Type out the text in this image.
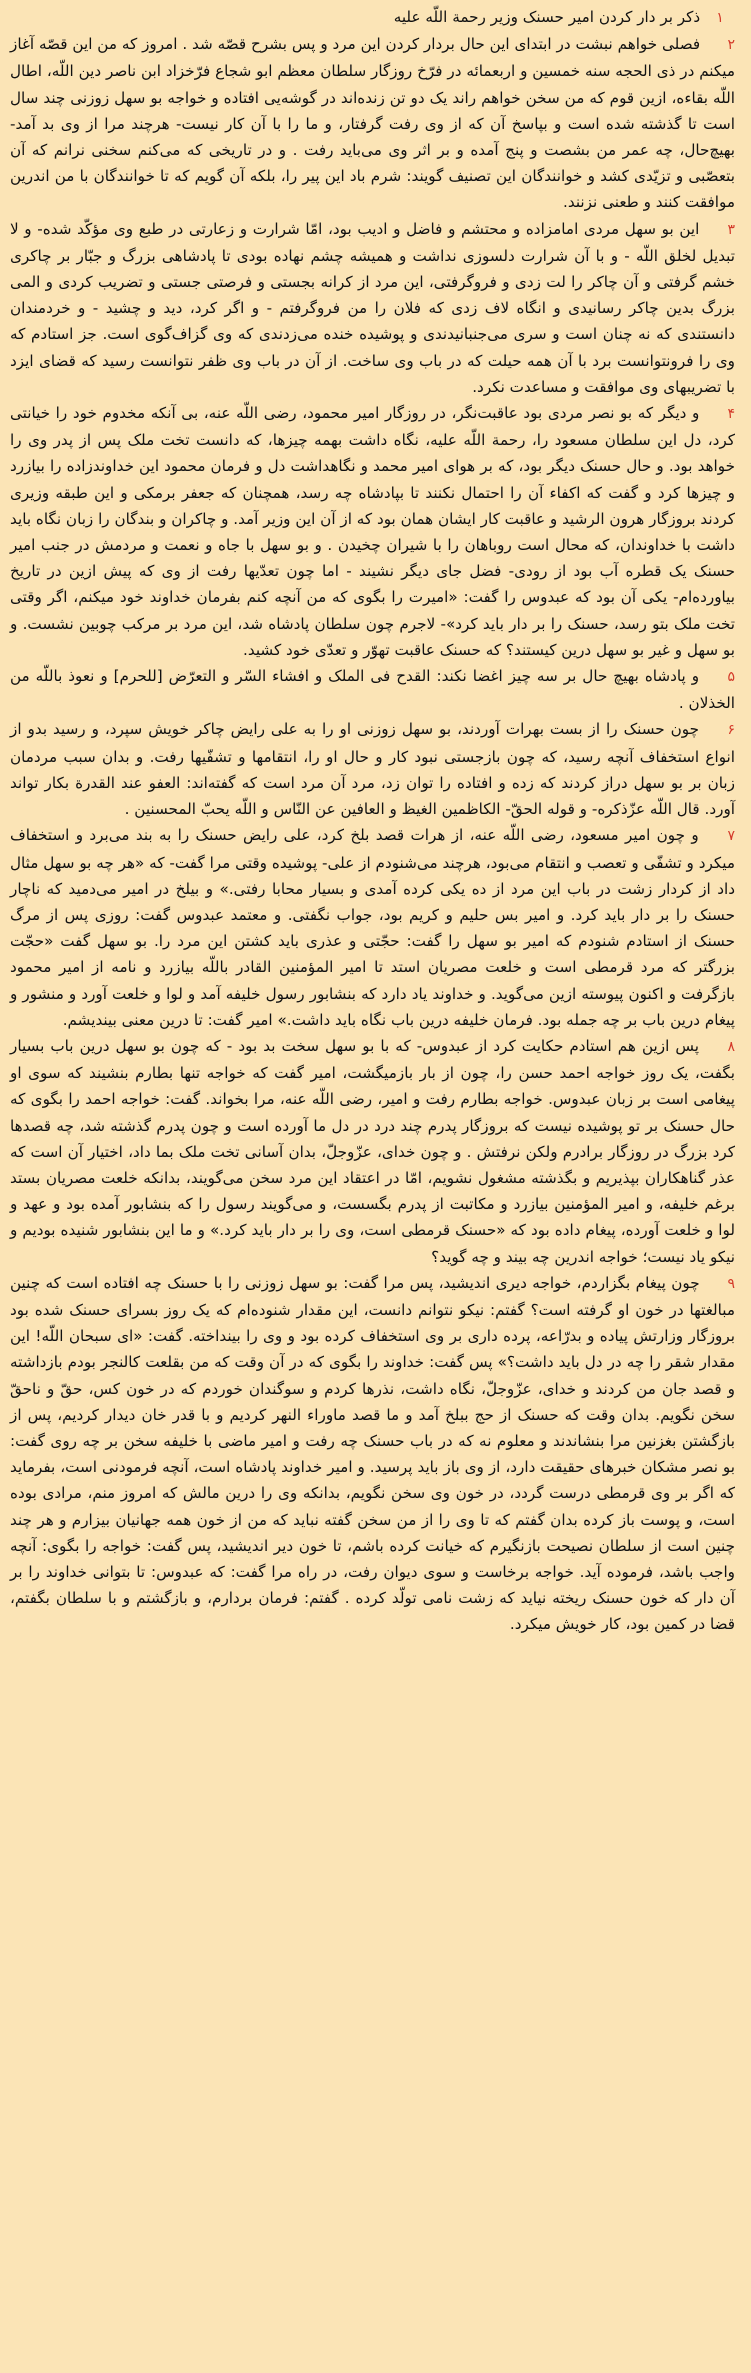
۱ ذکر بر دار کردن امیر حسنک وزیر رحمة اللّه علیه

۲ فصلی خواهم نبشت در ابتدای این حال بردار کردن این مرد و پس بشرح قصّه شد . امروز که من این قصّه آغاز میکنم در ذی الحجه سنه خمسین و اربعمائه در فرّخ روزگار سلطان معظم ابو شجاع فرّخزاد ابن ناصر دین اللّه، اطال اللّه بقاءه، ازین قوم که من سخن خواهم راند یک دو تن زنده‌اند در گوشه‌یی افتاده و خواجه بو سهل زوزنی چند سال است تا گذشته شده است و بپاسخ آن که از وی رفت گرفتار، و ما را با آن کار نیست- هرچند مرا از وی بد آمد- بهیچ‌حال، چه عمر من بشصت و پنج آمده و بر اثر وی می‌باید رفت . و در تاریخی که می‌کنم سخنی نرانم که آن بتعصّبی و تزیّدی کشد و خوانندگان این تصنیف گویند: شرم باد این پیر را، بلکه آن گویم که تا خوانندگان با من اندرین موافقت کنند و طعنی نزنند.

۳ این بو سهل مردی امامزاده و محتشم و فاضل و ادیب بود، امّا شرارت و زعارتی در طبع وی مؤکّد شده- و لا تبدیل لخلق اللّه - و با آن شرارت دلسوزی نداشت و همیشه چشم نهاده بودی تا پادشاهی بزرگ و جبّار بر چاکری خشم گرفتی و آن چاکر را لت زدی و فروگرفتی، این مرد از کرانه بجستی و فرصتی جستی و تضریب کردی و المی بزرگ بدین چاکر رسانیدی و انگاه لاف زدی که فلان را من فروگرفتم - و اگر کرد، دید و چشید - و خردمندان دانستندی که نه چنان است و سری می‌جنبانیدندی و پوشیده خنده می‌زدندی که وی گزاف‌گوی است. جز استادم که وی را فرونتوانست برد با آن همه حیلت که در باب وی ساخت. از آن در باب وی ظفر نتوانست رسید که قضای ایزد با تضریبهای وی موافقت و مساعدت نکرد.

۴ و دیگر که بو نصر مردی بود عاقبت‌نگر، در روزگار امیر محمود، رضی اللّه عنه، بی آنکه مخدوم خود را خیانتی کرد، دل این سلطان مسعود را، رحمة اللّه علیه، نگاه داشت بهمه چیزها، که دانست تخت ملک پس از پدر وی را خواهد بود. و حال حسنک دیگر بود، که بر هوای امیر محمد و نگاهداشت دل و فرمان محمود این خداوندزاده را بیازرد و چیزها کرد و گفت که اکفاء آن را احتمال نکنند تا بپادشاه چه رسد، همچنان که جعفر برمکی و این طبقه وزیری کردند بروزگار هرون الرشید و عاقبت کار ایشان همان بود که از آن این وزیر آمد. و چاکران و بندگان را زبان نگاه باید داشت با خداوندان، که محال است روباهان را با شیران چخیدن . و بو سهل با جاه و نعمت و مردمش در جنب امیر حسنک یک قطره آب بود از رودی- فضل جای دیگر نشیند - اما چون تعدّیها رفت از وی که پیش ازین در تاریخ بیاورده‌ام- یکی آن بود که عبدوس را گفت: «امیرت را بگوی که من آنچه کنم بفرمان خداوند خود میکنم، اگر وقتی تخت ملک بتو رسد، حسنک را بر دار باید کرد»- لاجرم چون سلطان پادشاه شد، این مرد بر مرکب چوبین نشست. و بو سهل و غیر بو سهل درین کیستند؟ که حسنک عاقبت تهوّر و تعدّی خود کشید.

۵ و پادشاه بهیچ حال بر سه چیز اغضا نکند: القدح فی الملک و افشاء السّر و التعرّض [للحرم] و نعوذ باللّه من الخذلان .

۶ چون حسنک را از بست بهرات آوردند، بو سهل زوزنی او را به علی رایض چاکر خویش سپرد، و رسید بدو از انواع استخفاف آنچه رسید، که چون بازجستی نبود کار و حال او را، انتقامها و تشفّیها رفت. و بدان سبب مردمان زبان بر بو سهل دراز کردند که زده و افتاده را توان زد، مرد آن مرد است که گفته‌اند: العفو عند القدرة بکار تواند آورد. قال اللّه عزّذکره- و قوله الحقّ- الکاظمین الغیظ و العافین عن النّاس و اللّه یحبّ المحسنین .

۷ و چون امیر مسعود، رضی اللّه عنه، از هرات قصد بلخ کرد، علی رایض حسنک را به بند می‌برد و استخفاف میکرد و تشفّی و تعصب و انتقام می‌بود، هرچند می‌شنودم از علی- پوشیده وقتی مرا گفت- که «هر چه بو سهل مثال داد از کردار زشت در باب این مرد از ده یکی کرده آمدی و بسیار محابا رفتی.» و بیلخ در امیر می‌دمید که ناچار حسنک را بر دار باید کرد. و امیر بس حلیم و کریم بود، جواب نگفتی. و معتمد عبدوس گفت: روزی پس از مرگ حسنک از استادم شنودم که امیر بو سهل را گفت: حجّتی و عذری باید کشتن این مرد را. بو سهل گفت «حجّت بزرگتر که مرد قرمطی است و خلعت مصریان استد تا امیر المؤمنین القادر باللّه بیازرد و نامه از امیر محمود بازگرفت و اکنون پیوسته ازین می‌گوید. و خداوند یاد دارد که بنشابور رسول خلیفه آمد و لوا و خلعت آورد و منشور و پیغام درین باب بر چه جمله بود. فرمان خلیفه درین باب نگاه باید داشت.» امیر گفت: تا درین معنی بیندیشم.

۸ پس ازین هم استادم حکایت کرد از عبدوس- که با بو سهل سخت بد بود - که چون بو سهل درین باب بسیار بگفت، یک روز خواجه احمد حسن را، چون از بار بازمیگشت، امیر گفت که خواجه تنها بطارم بنشیند که سوی او پیغامی است بر زبان عبدوس. خواجه بطارم رفت و امیر، رضی اللّه عنه، مرا بخواند. گفت: خواجه احمد را بگوی که حال حسنک بر تو پوشیده نیست که بروزگار پدرم چند درد در دل ما آورده است و چون پدرم گذشته شد، چه قصدها کرد بزرگ در روزگار برادرم ولکن نرفتش . و چون خدای، عزّوجلّ، بدان آسانی تخت ملک بما داد، اختیار آن است که عذر گناهکاران بپذیریم و بگذشته مشغول نشویم، امّا در اعتقاد این مرد سخن می‌گویند، بدانکه خلعت مصریان بستد برغم خلیفه، و امیر المؤمنین بیازرد و مکاتبت از پدرم بگسست، و می‌گویند رسول را که بنشابور آمده بود و عهد و لوا و خلعت آورده، پیغام داده بود که «حسنک قرمطی است، وی را بر دار باید کرد.» و ما این بنشابور شنیده بودیم و نیکو یاد نیست؛ خواجه اندرین چه بیند و چه گوید؟

۹ چون پیغام بگزاردم، خواجه دیری اندیشید، پس مرا گفت: بو سهل زوزنی را با حسنک چه افتاده است که چنین مبالغتها در خون او گرفته است؟ گفتم: نیکو نتوانم دانست، این مقدار شنوده‌ام که یک روز بسرای حسنک شده بود بروزگار وزارتش پیاده و بدرّاعه، پرده داری بر وی استخفاف کرده بود و وی را بینداخته. گفت: «ای سبحان اللّه! این مقدار شقر را چه در دل باید داشت؟» پس گفت: خداوند را بگوی که در آن وقت که من بقلعت کالنجر بودم بازداشته و قصد جان من کردند و خدای، عزّوجلّ، نگاه داشت، نذرها کردم و سوگندان خوردم که در خون کس، حقّ و ناحقّ سخن نگویم. بدان وقت که حسنک از حج ببلخ آمد و ما قصد ماوراء النهر کردیم و با قدر خان دیدار کردیم، پس از بازگشتن بغزنین مرا بنشاندند و معلوم نه که در باب حسنک چه رفت و امیر ماضی با خلیفه سخن بر چه روی گفت: بو نصر مشکان خبرهای حقیقت دارد، از وی باز باید پرسید. و امیر خداوند پادشاه است، آنچه فرمودنی است، بفرماید که اگر بر وی قرمطی درست گردد، در خون وی سخن نگویم، بدانکه وی را درین مالش که امروز منم، مرادی بوده است، و پوست باز کرده بدان گفتم که تا وی را از من سخن گفته نباید که من از خون همه جهانیان بیزارم و هر چند چنین است از سلطان نصیحت بازنگیرم که خیانت کرده باشم، تا خون دیر اندیشید، پس گفت: خواجه را بگوی: آنچه واجب باشد، فرموده آید. خواجه برخاست و سوی دیوان رفت، در راه مرا گفت: که عبدوس: تا بتوانی خداوند را بر آن دار که خون حسنک ریخته نیاید که زشت نامی تولّد کرده . گفتم: فرمان بردارم، و بازگشتم و با سلطان بگفتم، قضا در کمین بود، کار خویش میکرد.
